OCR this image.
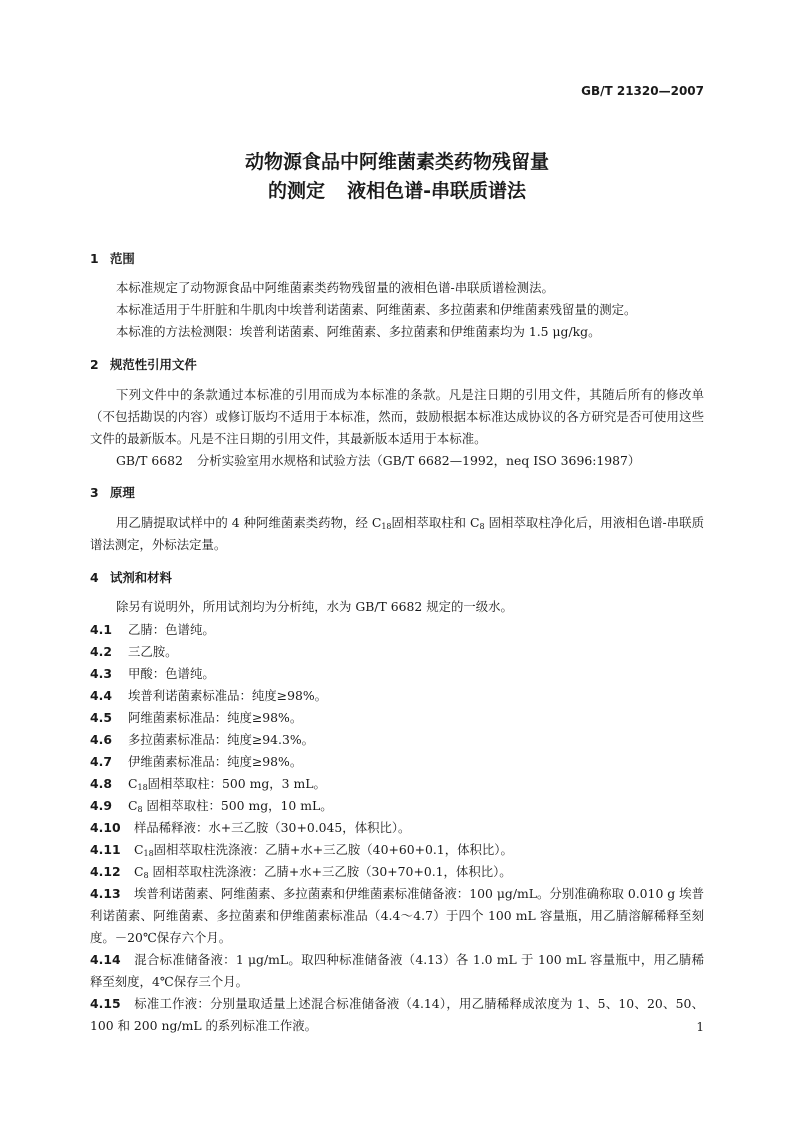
GB/T 21320—2007
动物源食品中阿维菌素类药物残留量
的测定 液相色谱-串联质谱法
1 范围
本标准规定了动物源食品中阿维菌素类药物残留量的液相色谱-串联质谱检测法。
本标准适用于牛肝脏和牛肌肉中埃普利诺菌素、阿维菌素、多拉菌素和伊维菌素残留量的测定。
本标准的方法检测限：埃普利诺菌素、阿维菌素、多拉菌素和伊维菌素均为 1.5 μg/kg。
2 规范性引用文件
下列文件中的条款通过本标准的引用而成为本标准的条款。凡是注日期的引用文件，其随后所有的修改单（不包括勘误的内容）或修订版均不适用于本标准，然而，鼓励根据本标准达成协议的各方研究是否可使用这些文件的最新版本。凡是不注日期的引用文件，其最新版本适用于本标准。
GB/T 6682 分析实验室用水规格和试验方法（GB/T 6682—1992，neq ISO 3696:1987）
3 原理
用乙腈提取试样中的 4 种阿维菌素类药物，经 $C_{18}$固相萃取柱和 $C_8$ 固相萃取柱净化后，用液相色谱-串联质谱法测定，外标法定量。
4 试剂和材料
除另有说明外，所用试剂均为分析纯，水为 GB/T 6682 规定的一级水。
4.1 乙腈：色谱纯。
4.2 三乙胺。
4.3 甲酸：色谱纯。
4.4 埃普利诺菌素标准品：纯度≥98%。
4.5 阿维菌素标准品：纯度≥98%。
4.6 多拉菌素标准品：纯度≥94.3%。
4.7 伊维菌素标准品：纯度≥98%。
4.8 $C_{18}$固相萃取柱：500 mg，3 mL。
4.9 $C_8$ 固相萃取柱：500 mg，10 mL。
4.10 样品稀释液：水+三乙胺（30+0.045，体积比）。
4.11 $C_{18}$固相萃取柱洗涤液：乙腈+水+三乙胺（40+60+0.1，体积比）。
4.12 $C_8$ 固相萃取柱洗涤液：乙腈+水+三乙胺（30+70+0.1，体积比）。
4.13 埃普利诺菌素、阿维菌素、多拉菌素和伊维菌素标准储备液：100 μg/mL。分别准确称取 0.010 g 埃普利诺菌素、阿维菌素、多拉菌素和伊维菌素标准品（4.4～4.7）于四个 100 mL 容量瓶，用乙腈溶解稀释至刻度。－20℃保存六个月。
4.14 混合标准储备液：1 μg/mL。取四种标准储备液（4.13）各 1.0 mL 于 100 mL 容量瓶中，用乙腈稀释至刻度，4℃保存三个月。
4.15 标准工作液：分别量取适量上述混合标准储备液（4.14），用乙腈稀释成浓度为 1、5、10、20、50、100 和 200 ng/mL 的系列标准工作液。	1
